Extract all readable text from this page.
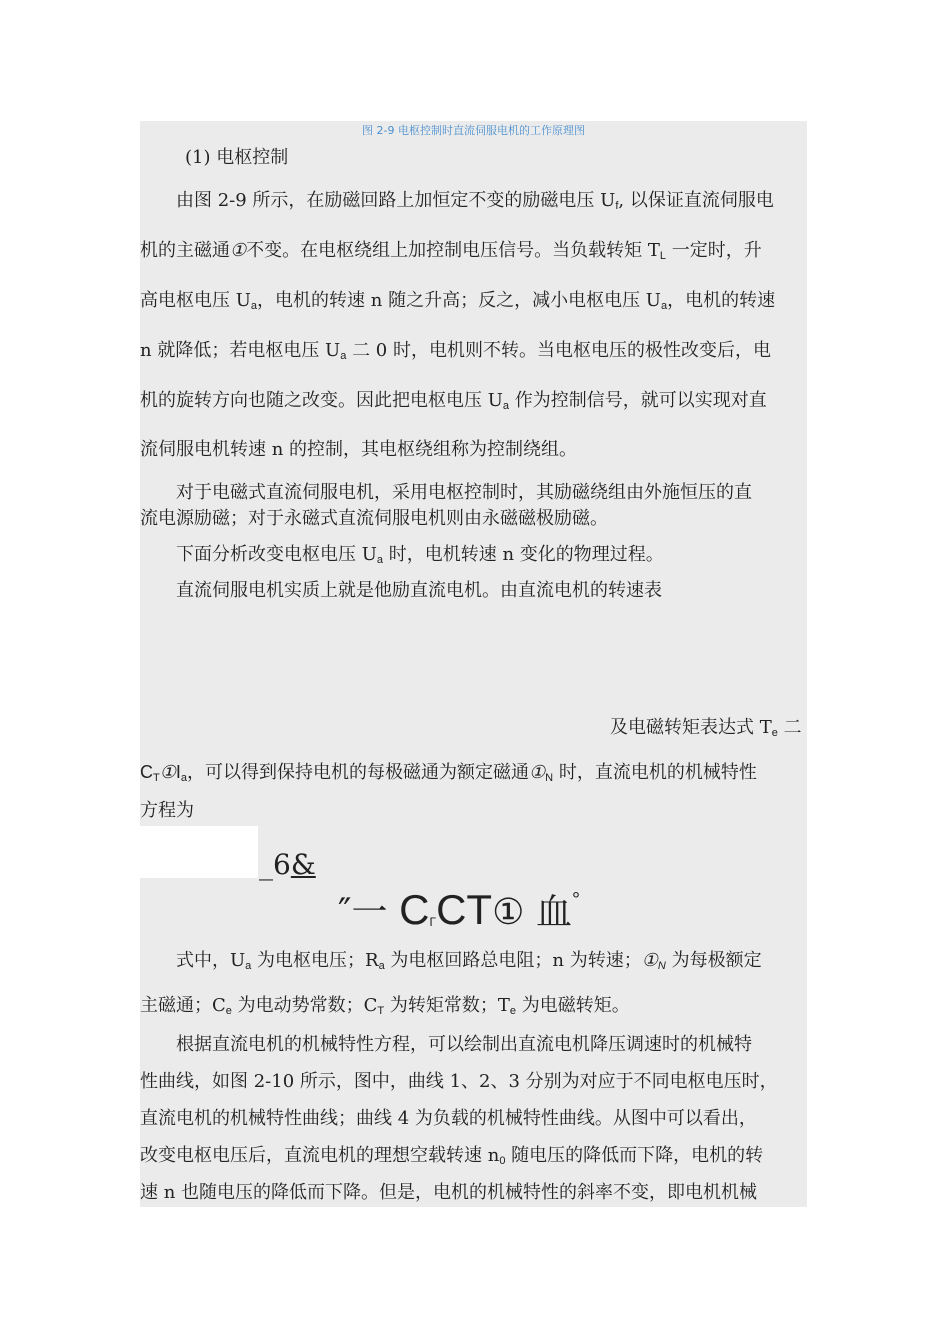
图 2-9 电枢控制时直流伺服电机的工作原理图
(1) 电枢控制
由图 2-9 所示，在励磁回路上加恒定不变的励磁电压 $U_f$, 以保证直流伺服电
机的主磁通①不变。在电枢绕组上加控制电压信号。当负载转矩 $T_L$ 一定时，升
高电枢电压 $U_a$，电机的转速 n 随之升高；反之，减小电枢电压 $U_a$，电机的转速
n 就降低；若电枢电压 $U_a$ 二 0 时，电机则不转。当电枢电压的极性改变后，电
机的旋转方向也随之改变。因此把电枢电压 $U_a$ 作为控制信号，就可以实现对直
流伺服电机转速 n 的控制，其电枢绕组称为控制绕组。
对于电磁式直流伺服电机，采用电枢控制时，其励磁绕组由外施恒压的直
流电源励磁；对于永磁式直流伺服电机则由永磁磁极励磁。
下面分析改变电枢电压 $U_a$ 时，电机转速 n 变化的物理过程。
直流伺服电机实质上就是他励直流电机。由直流电机的转速表
及电磁转矩表达式 $T_e$ 二
$C_T①I_a$，可以得到保持电机的每极磁通为额定磁通$①_N$ 时，直流电机的机械特性
方程为
_6&
″一 CΓCT① 血°
式中，$U_a$ 为电枢电压；$R_a$ 为电枢回路总电阻；n 为转速；$①_N$ 为每极额定
主磁通；$C_e$ 为电动势常数；$C_T$ 为转矩常数；$T_e$ 为电磁转矩。
根据直流电机的机械特性方程，可以绘制出直流电机降压调速时的机械特
性曲线，如图 2-10 所示，图中，曲线 1、2、3 分别为对应于不同电枢电压时，
直流电机的机械特性曲线；曲线 4 为负载的机械特性曲线。从图中可以看出，
改变电枢电压后，直流电机的理想空载转速 $n_0$ 随电压的降低而下降，电机的转
速 n 也随电压的降低而下降。但是，电机的机械特性的斜率不变，即电机机械
